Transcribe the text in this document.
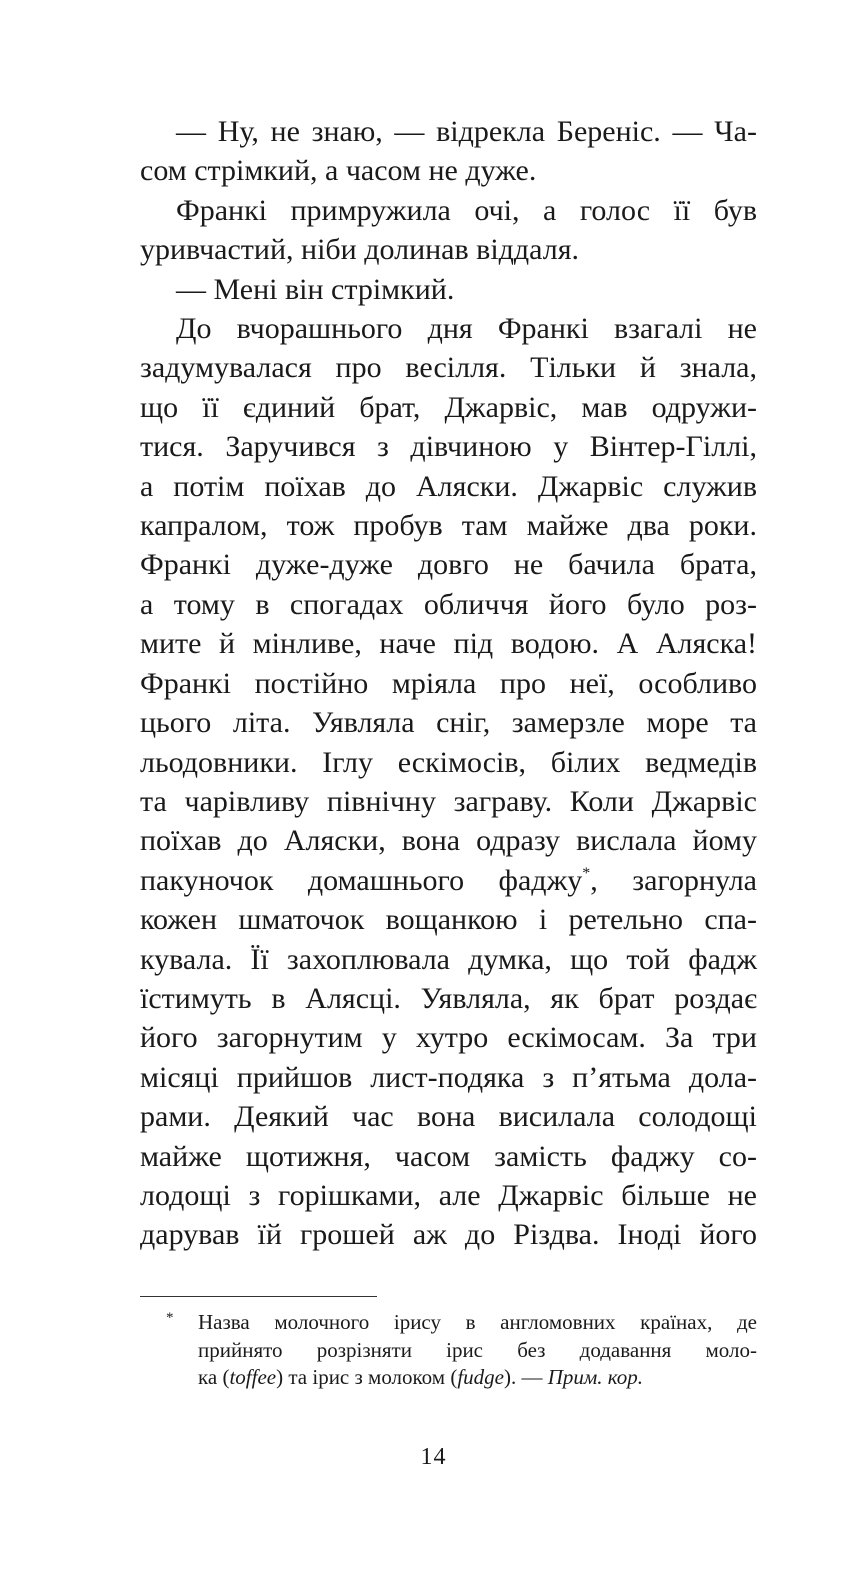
— Ну, не знаю, — відрекла Береніс. — Ча-
сом стрімкий, а часом не дуже.

Франкі примружила очі, а голос її був
уривчастий, ніби долинав віддаля.

— Мені він стрімкий.

До вчорашнього дня Франкі взагалі не
задумувалася про весілля. Тільки й знала,
що її єдиний брат, Джарвіс, мав одружи-
тися. Заручився з дівчиною у Вінтер-Гіллі,
а потім поїхав до Аляски. Джарвіс служив
капралом, тож пробув там майже два роки.
Франкі дуже-дуже довго не бачила брата,
а тому в спогадах обличчя його було роз-
мите й мінливе, наче під водою. А Аляска!
Франкі постійно мріяла про неї, особливо
цього літа. Уявляла сніг, замерзле море та
льодовники. Іглу ескімосів, білих ведмедів
та чарівливу північну заграву. Коли Джарвіс
поїхав до Аляски, вона одразу вислала йому
пакуночок домашнього фаджу*, загорнула
кожен шматочок вощанкою і ретельно спа-
кувала. Її захоплювала думка, що той фадж
їстимуть в Алясці. Уявляла, як брат роздає
його загорнутим у хутро ескімосам. За три
місяці прийшов лист-подяка з п’ятьма дола-
рами. Деякий час вона висилала солодощі
майже щотижня, часом замість фаджу со-
лодощі з горішками, але Джарвіс більше не
дарував їй грошей аж до Різдва. Іноді його

* Назва молочного ірису в англомовних країнах, де
прийнято розрізняти ірис без додавання моло-
ка (toffee) та ірис з молоком (fudge). — Прим. кор.
14
